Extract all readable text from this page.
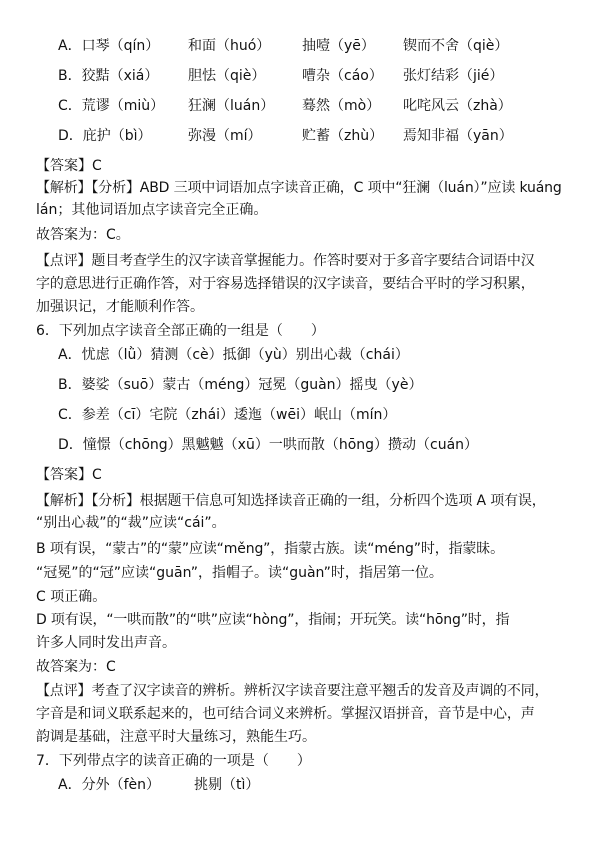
A．口琴（qín） 和面（huó） 抽噎（yē） 锲而不舍（qiè）
B．狡黠（xiá） 胆怯（qiè）	嘈杂（cáo） 张灯结彩（jié）
C．荒谬（miù） 狂澜（luán） 蓦然（mò） 叱咤风云（zhà）
D．庇护（bì）	弥漫（mí）	贮蓄（zhù） 焉知非福（yān）
【答案】C
【解析】【分析】ABD 三项中词语加点字读音正确，C 项中“狂澜（luán）”应读 kuáng
lán；其他词语加点字读音完全正确。
故答案为：C。
【点评】题目考查学生的汉字读音掌握能力。作答时要对于多音字要结合词语中汉
字的意思进行正确作答，对于容易选择错误的汉字读音，要结合平时的学习积累，
加强识记，才能顺利作答。
6．下列加点字读音全部正确的一组是（　　）
A．忧虑（lǜ）猜测（cè）抵御（yù）别出心裁（chái）
B．婆娑（suō）蒙古（méng）冠冕（guàn）摇曳（yè）
C．参差（cī）宅院（zhái）逶迤（wēi）岷山（mín）
D．憧憬（chōng）黑魆魆（xū）一哄而散（hōng）攒动（cuán）
【答案】C
【解析】【分析】根据题干信息可知选择读音正确的一组，分析四个选项 A 项有误，
“别出心裁”的“裁”应读“cái”。
B 项有误，“蒙古”的“蒙”应读“měng”，指蒙古族。读“méng”时，指蒙昧。
“冠冕”的“冠”应读“guān”，指帽子。读“guàn”时，指居第一位。
C 项正确。
D 项有误，“一哄而散”的“哄”应读“hòng”，指闹；开玩笑。读“hōng”时，指
许多人同时发出声音。
故答案为：C
【点评】考查了汉字读音的辨析。辨析汉字读音要注意平翘舌的发音及声调的不同，
字音是和词义联系起来的，也可结合词义来辨析。掌握汉语拼音，音节是中心，声
韵调是基础，注意平时大量练习，熟能生巧。
7．下列带点字的读音正确的一项是（　　）
A．分外（fèn） 挑剔（tì）
